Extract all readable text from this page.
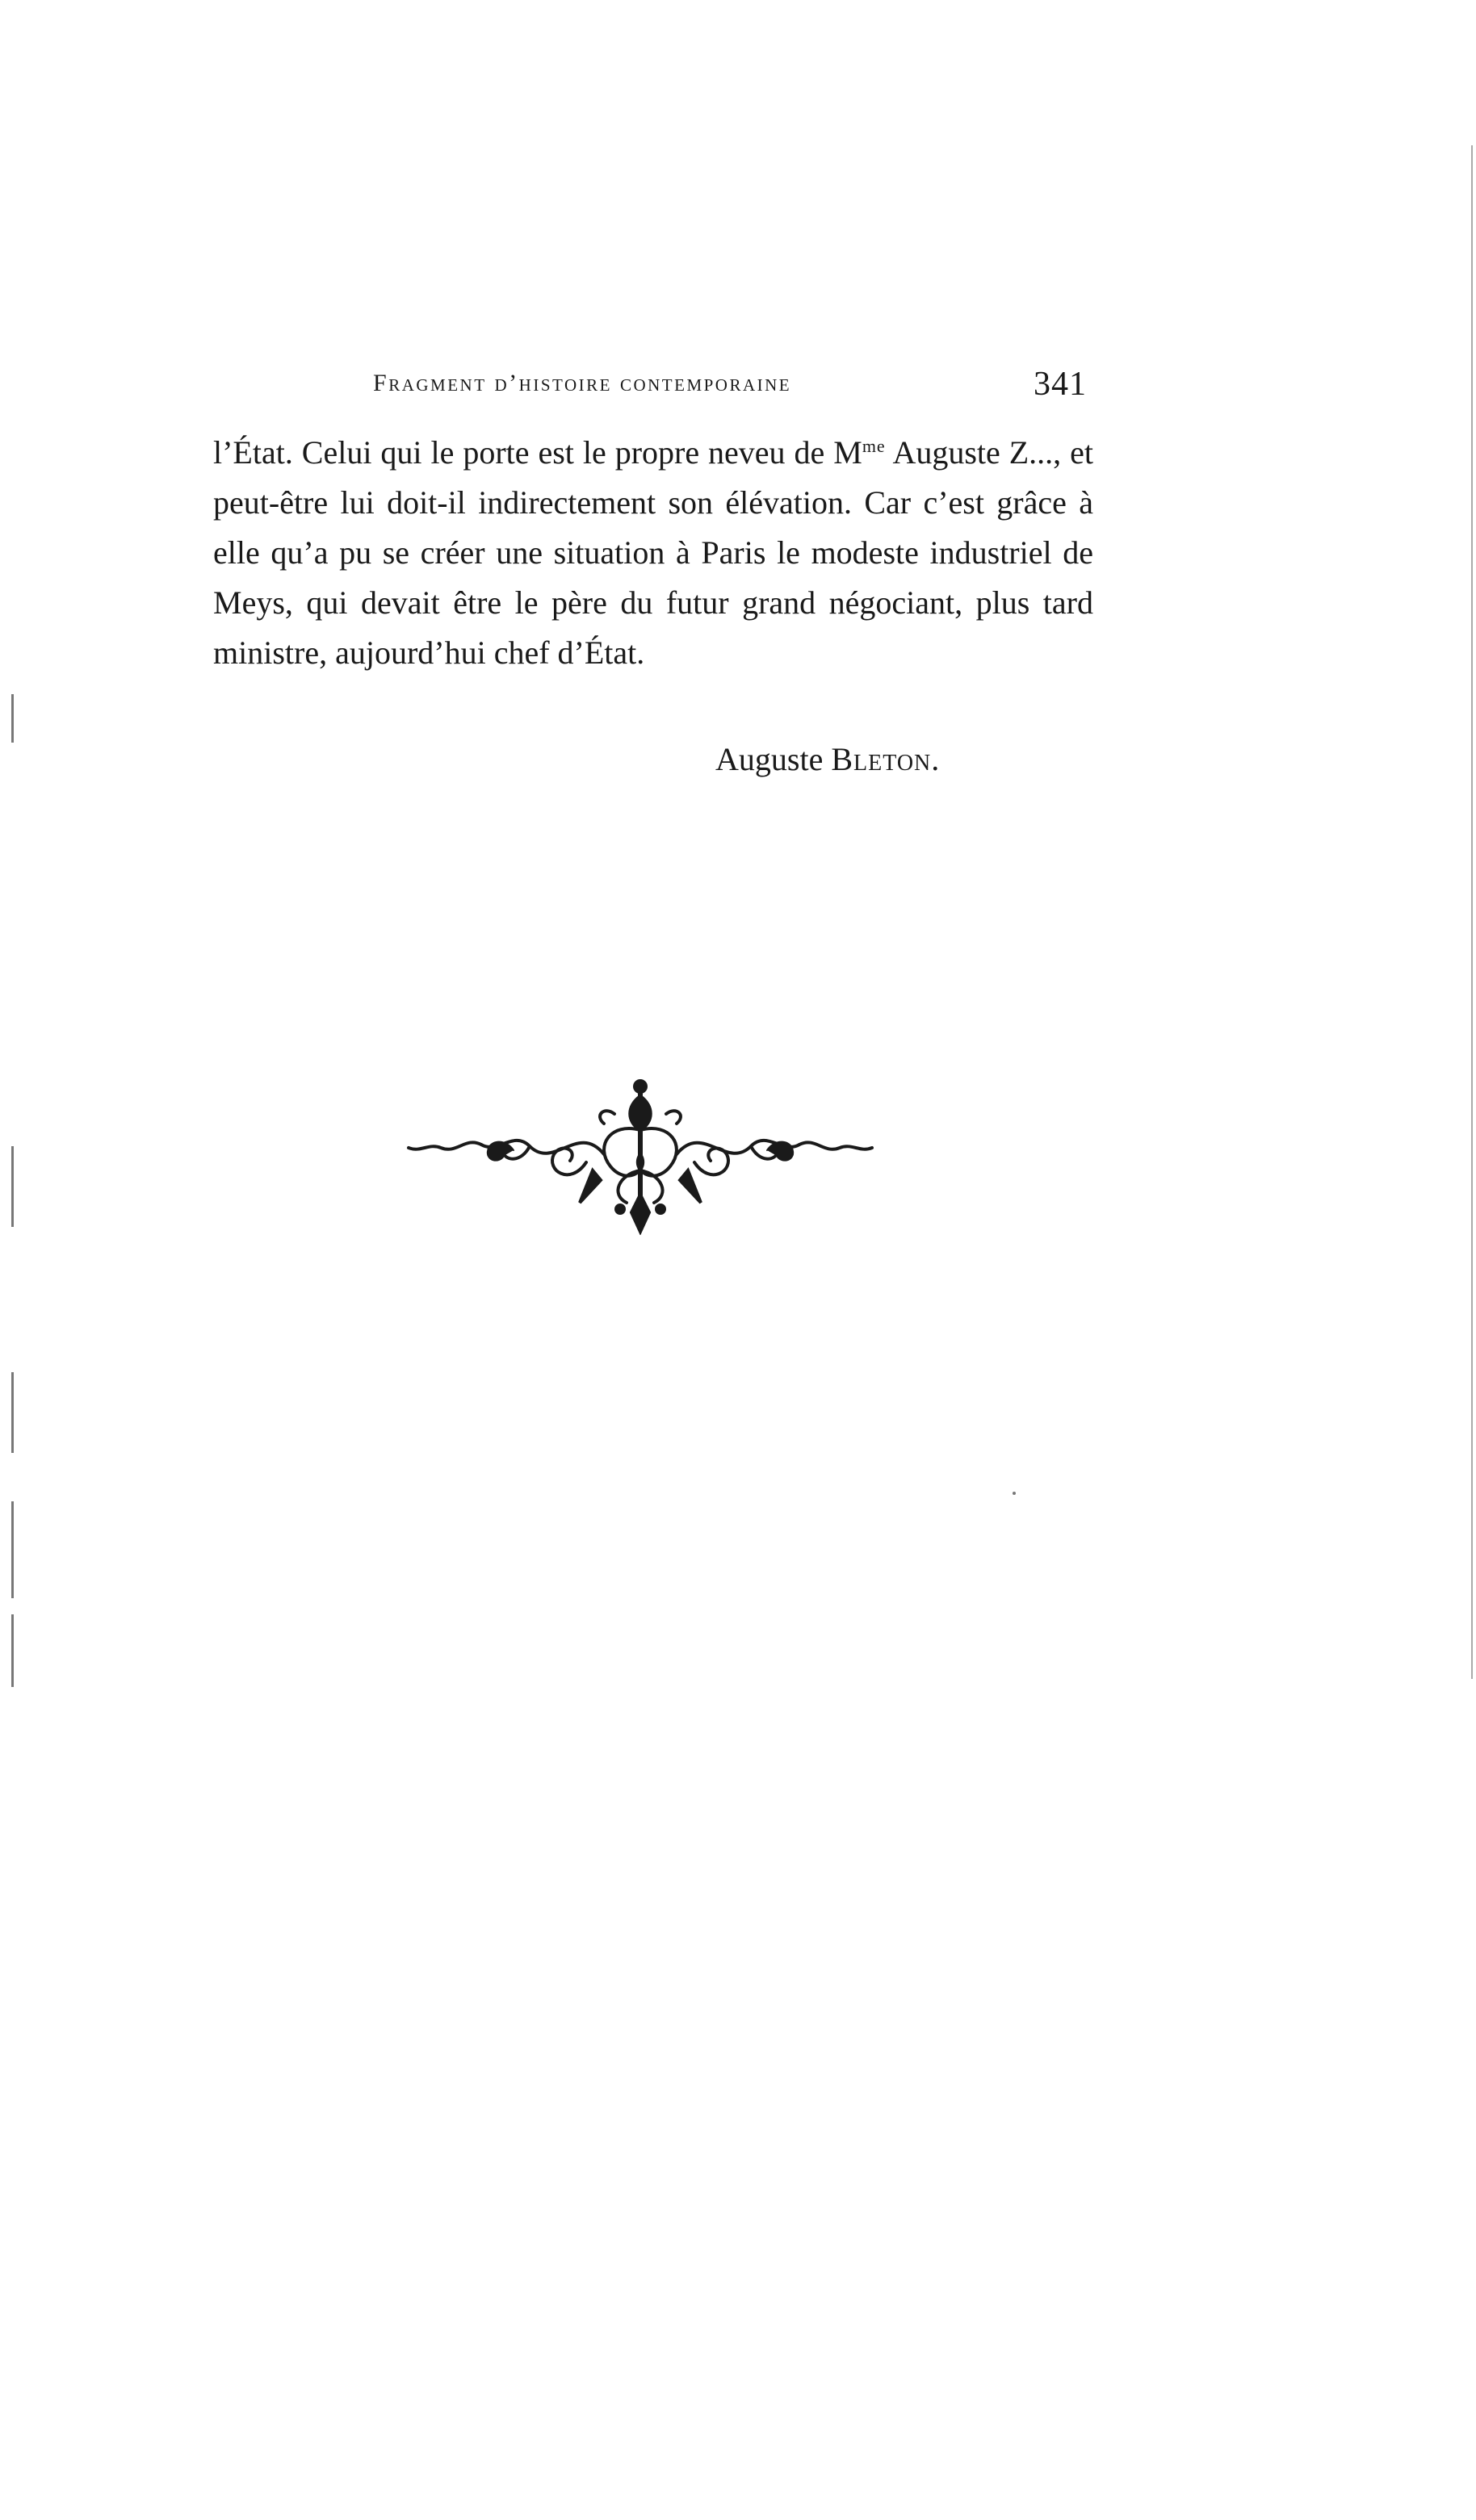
Fragment d’histoire contemporaine	341

l’État. Celui qui le porte est le propre neveu de $M^{me}$ Auguste Z..., et peut-être lui doit-il indirectement son élévation. Car c’est grâce à elle qu’a pu se créer une situation à Paris le modeste industriel de Meys, qui devait être le père du futur grand négociant, plus tard ministre, aujourd’hui chef d’État.

Auguste Bleton.
